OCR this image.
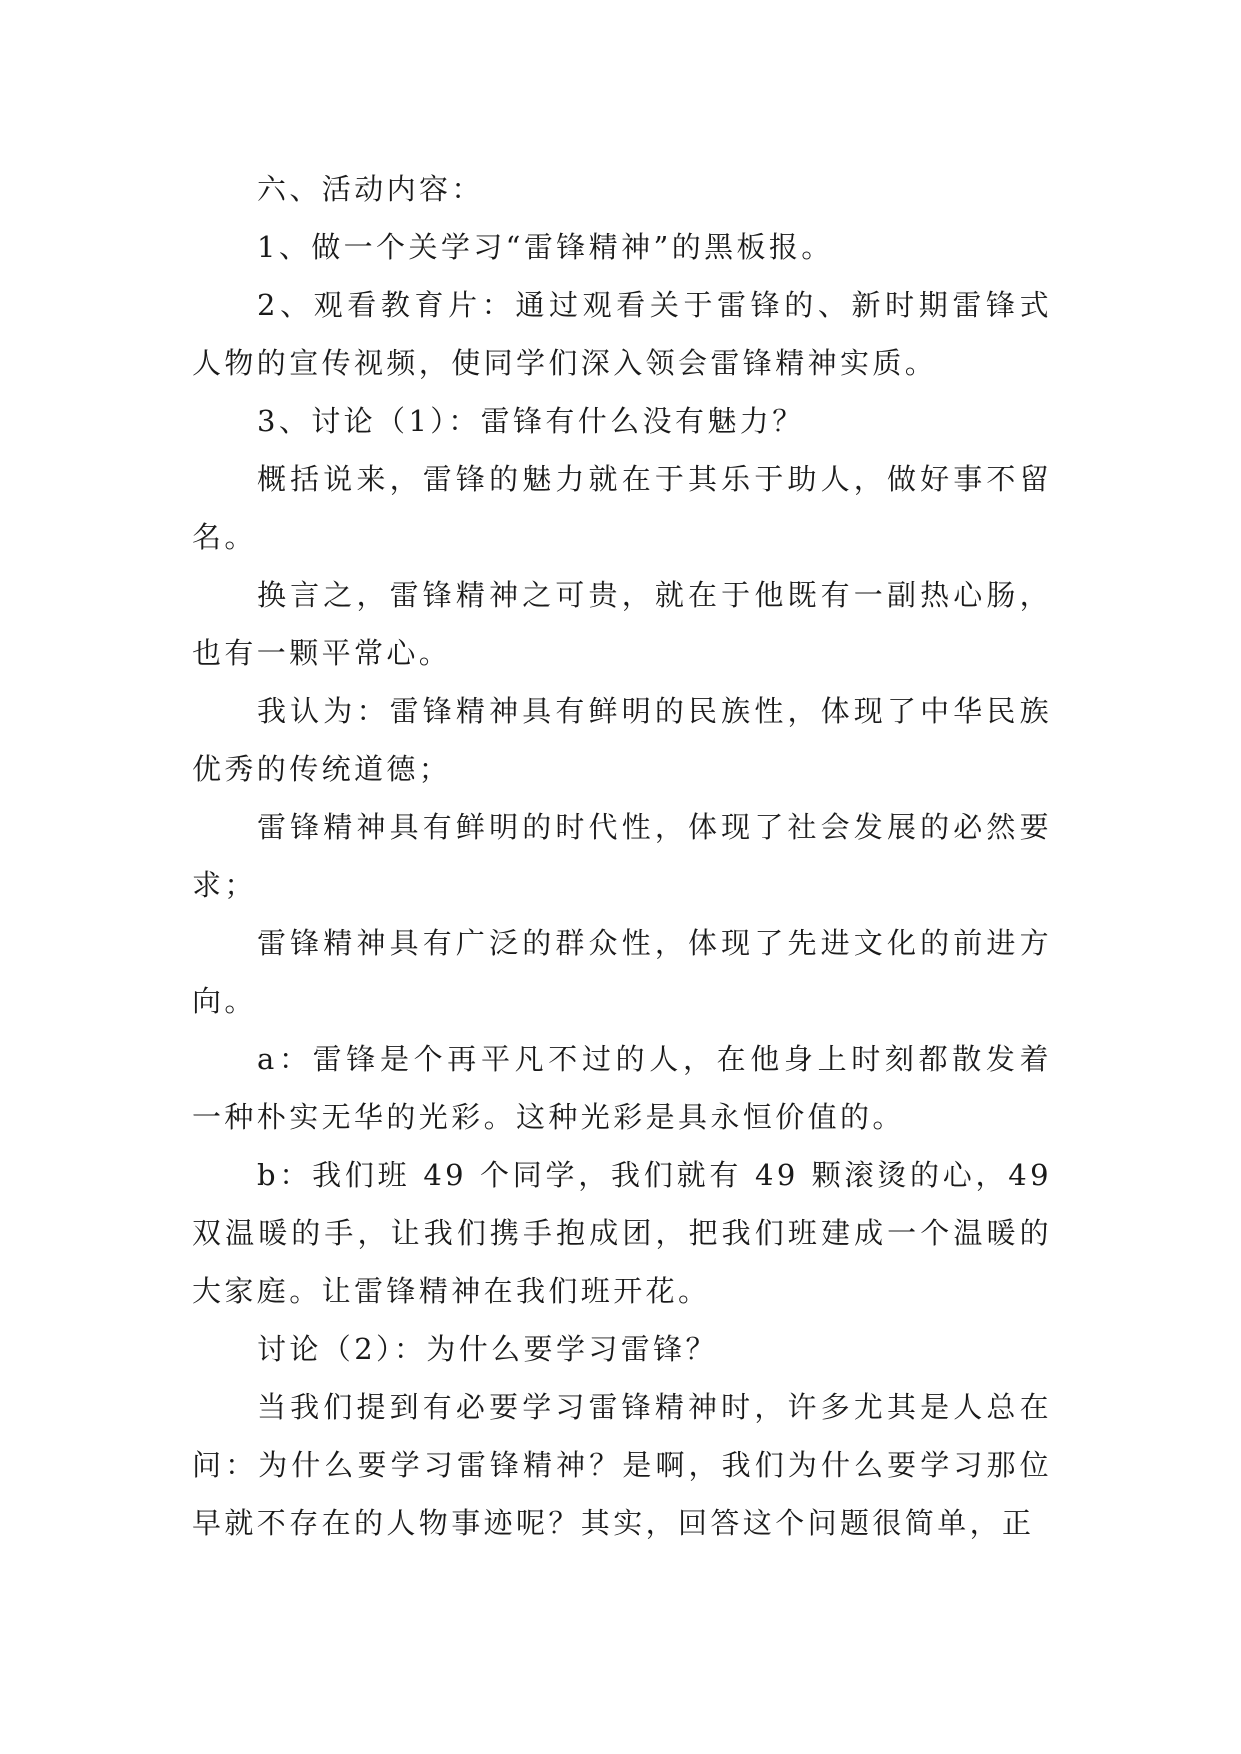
六、活动内容：

1、做一个关学习“雷锋精神”的黑板报。

2、观看教育片：通过观看关于雷锋的、新时期雷锋式人物的宣传视频，使同学们深入领会雷锋精神实质。

3、讨论（1）：雷锋有什么没有魅力？

概括说来，雷锋的魅力就在于其乐于助人，做好事不留名。

换言之，雷锋精神之可贵，就在于他既有一副热心肠，也有一颗平常心。

我认为：雷锋精神具有鲜明的民族性，体现了中华民族优秀的传统道德；

雷锋精神具有鲜明的时代性，体现了社会发展的必然要求；

雷锋精神具有广泛的群众性，体现了先进文化的前进方向。

a：雷锋是个再平凡不过的人，在他身上时刻都散发着一种朴实无华的光彩。这种光彩是具永恒价值的。

b：我们班 49 个同学，我们就有 49 颗滚烫的心，49 双温暖的手，让我们携手抱成团，把我们班建成一个温暖的大家庭。让雷锋精神在我们班开花。

讨论（2）：为什么要学习雷锋？

当我们提到有必要学习雷锋精神时，许多尤其是人总在问：为什么要学习雷锋精神？是啊，我们为什么要学习那位早就不存在的人物事迹呢？其实，回答这个问题很简单，正
